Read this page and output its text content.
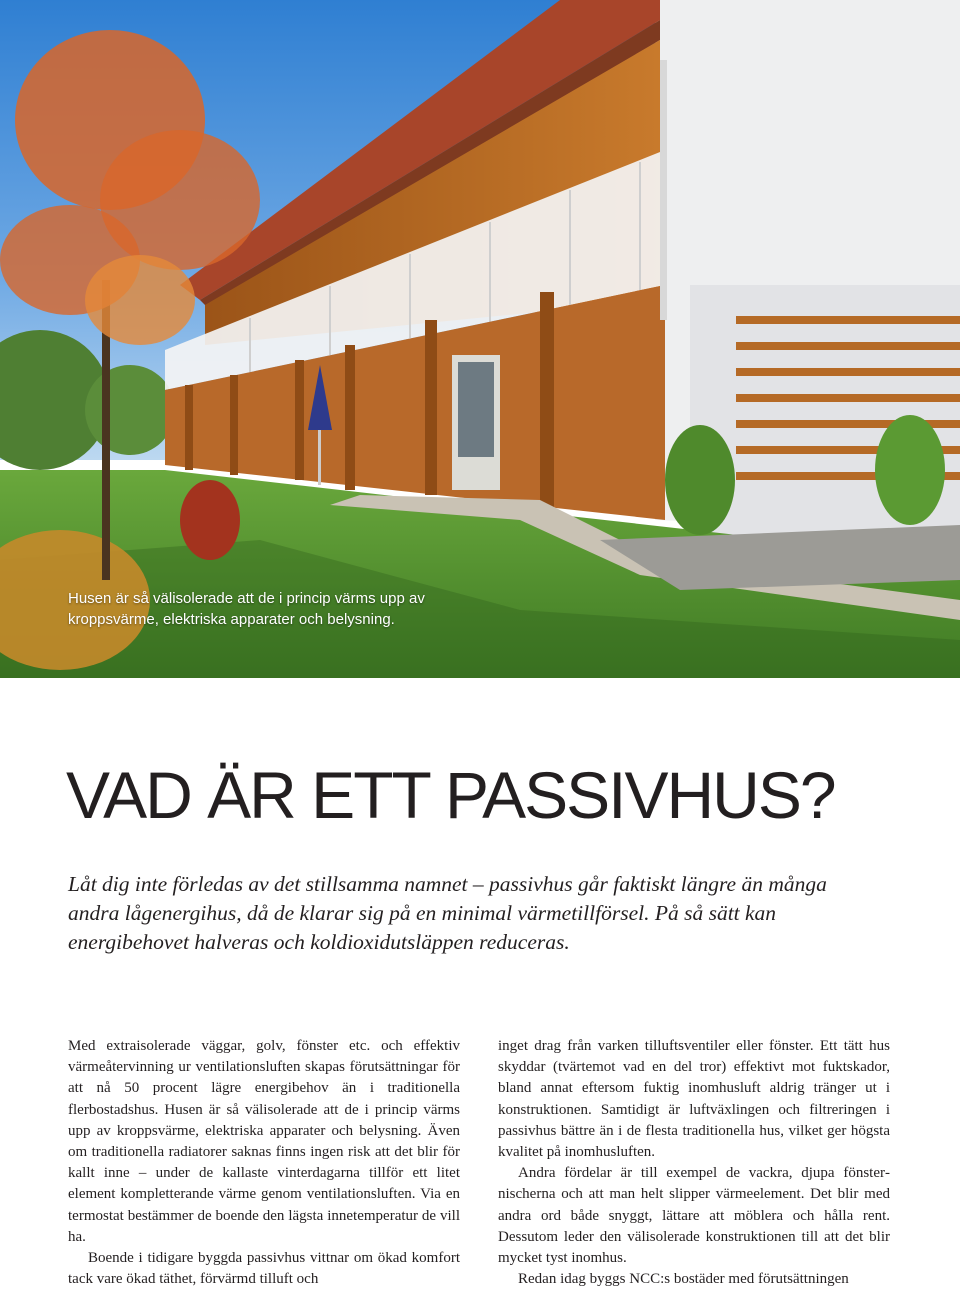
Husen är så välisolerade att de i princip värms upp av kroppsvärme, elektriska apparater och belysning.
VAD ÄR ETT PASSIVHUS?

Låt dig inte förledas av det stillsamma namnet – passivhus går faktiskt längre än många andra lågenergihus, då de klarar sig på en minimal värmetillförsel. På så sätt kan energibehovet halveras och koldioxidutsläppen reduceras.

Med extraisolerade väggar, golv, fönster etc. och effektiv värmeåtervinning ur ventilationsluften skapas förutsättningar för att nå 50 procent lägre energibehov än i traditionella flerbostadshus. Husen är så välisolerade att de i princip värms upp av kroppsvärme, elektriska apparater och belysning. Även om traditionella radiatorer saknas finns ingen risk att det blir för kallt inne – under de kallaste vinterdagarna tillför ett litet element kompletterande värme genom ventilationsluften. Via en termostat bestämmer de boende den lägsta innetemperatur de vill ha.

Boende i tidigare byggda passivhus vittnar om ökad komfort tack vare ökad täthet, förvärmd tilluft och

inget drag från varken tilluftsventiler eller fönster. Ett tätt hus skyddar (tvärtemot vad en del tror) effektivt mot fuktskador, bland annat eftersom fuktig inomhusluft aldrig tränger ut i konstruktionen. Samtidigt är luftväxlingen och filtreringen i passivhus bättre än i de flesta traditionella hus, vilket ger högsta kvalitet på inomhusluften.

Andra fördelar är till exempel de vackra, djupa fönsternischerna och att man helt slipper värmeelement. Det blir med andra ord både snyggt, lättare att möblera och hålla rent. Dessutom leder den välisolerade konstruktionen till att det blir mycket tyst inomhus.

Redan idag byggs NCC:s bostäder med förutsättningen
